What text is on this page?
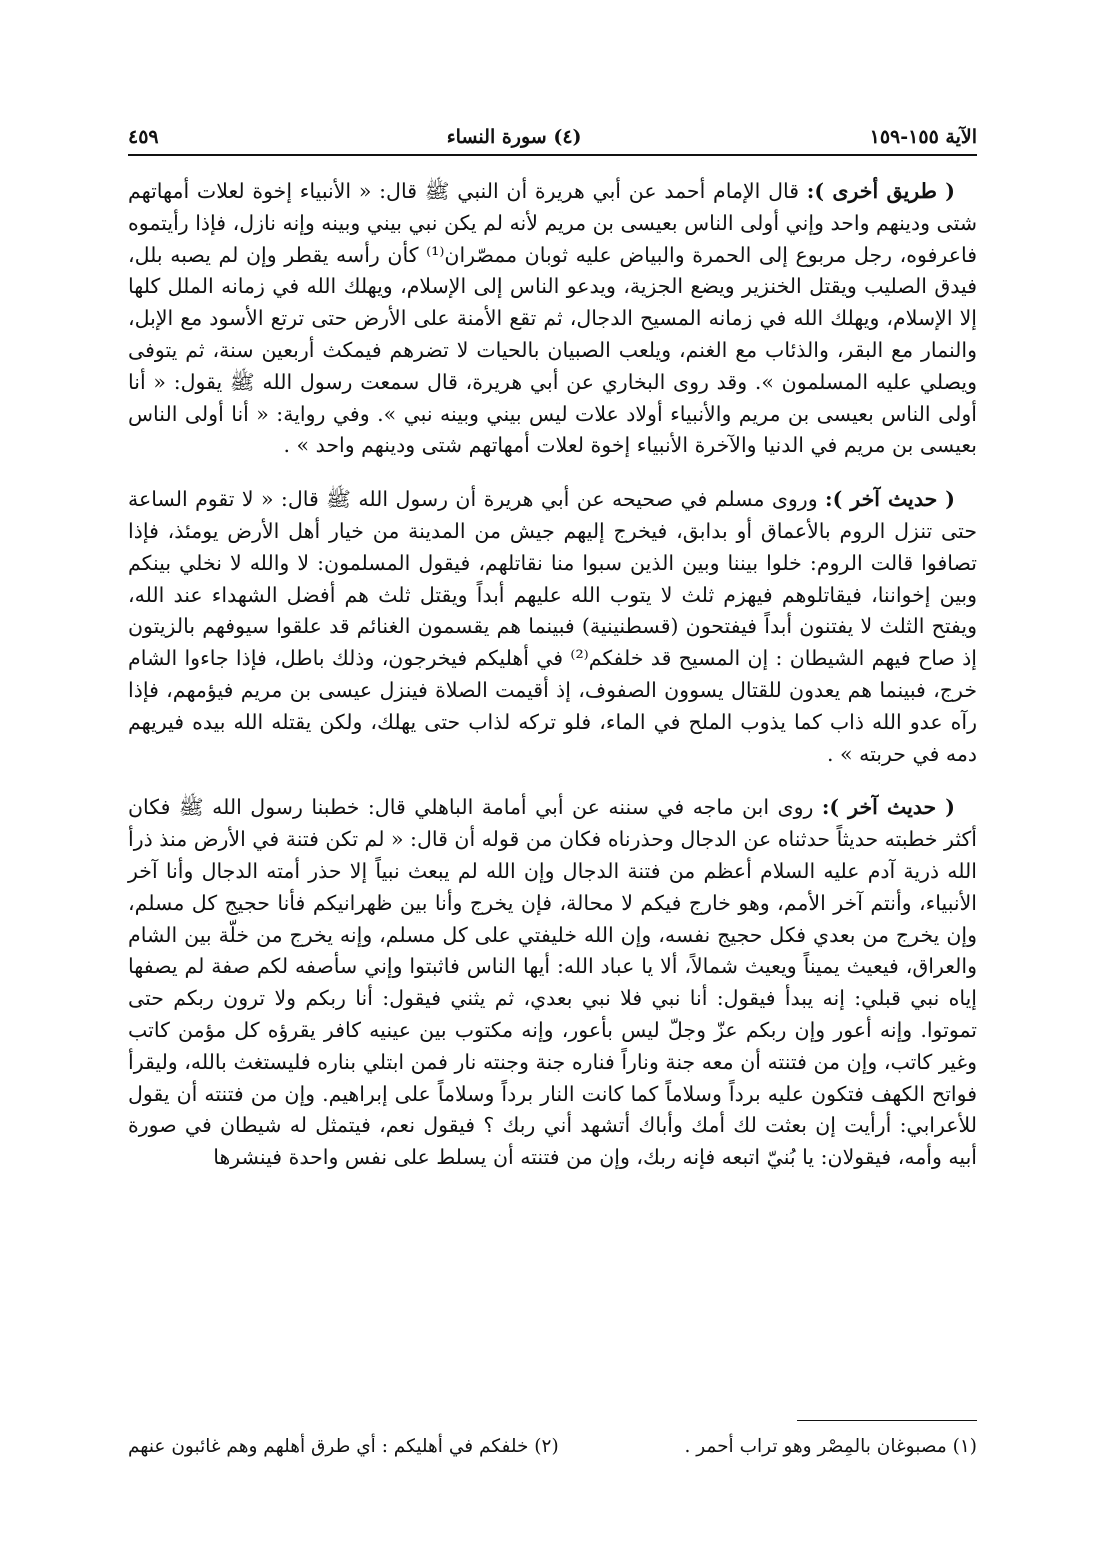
الآية ١٥٥-١٥٩
(٤) سورة النساء
٤٥٩

( طريق أخرى ): قال الإمام أحمد عن أبي هريرة أن النبي ﷺ قال: « الأنبياء إخوة لعلات أمهاتهم شتى ودينهم واحد وإني أولى الناس بعيسى بن مريم لأنه لم يكن نبي بيني وبينه وإنه نازل، فإذا رأيتموه فاعرفوه، رجل مربوع إلى الحمرة والبياض عليه ثوبان ممصّران⁽¹⁾ كأن رأسه يقطر وإن لم يصبه بلل، فيدق الصليب ويقتل الخنزير ويضع الجزية، ويدعو الناس إلى الإسلام، ويهلك الله في زمانه الملل كلها إلا الإسلام، ويهلك الله في زمانه المسيح الدجال، ثم تقع الأمنة على الأرض حتى ترتع الأسود مع الإبل، والنمار مع البقر، والذئاب مع الغنم، ويلعب الصبيان بالحيات لا تضرهم فيمكث أربعين سنة، ثم يتوفى ويصلي عليه المسلمون ». وقد روى البخاري عن أبي هريرة، قال سمعت رسول الله ﷺ يقول: « أنا أولى الناس بعيسى بن مريم والأنبياء أولاد علات ليس بيني وبينه نبي ». وفي رواية: « أنا أولى الناس بعيسى بن مريم في الدنيا والآخرة الأنبياء إخوة لعلات أمهاتهم شتى ودينهم واحد » .

( حديث آخر ): وروى مسلم في صحيحه عن أبي هريرة أن رسول الله ﷺ قال: « لا تقوم الساعة حتى تنزل الروم بالأعماق أو بدابق، فيخرج إليهم جيش من المدينة من خيار أهل الأرض يومئذ، فإذا تصافوا قالت الروم: خلوا بيننا وبين الذين سبوا منا نقاتلهم، فيقول المسلمون: لا والله لا نخلي بينكم وبين إخواننا، فيقاتلوهم فيهزم ثلث لا يتوب الله عليهم أبداً ويقتل ثلث هم أفضل الشهداء عند الله، ويفتح الثلث لا يفتنون أبداً فيفتحون (قسطنينية) فبينما هم يقسمون الغنائم قد علقوا سيوفهم بالزيتون إذ صاح فيهم الشيطان : إن المسيح قد خلفكم⁽²⁾ في أهليكم فيخرجون، وذلك باطل، فإذا جاءوا الشام خرج، فبينما هم يعدون للقتال يسوون الصفوف، إذ أقيمت الصلاة فينزل عيسى بن مريم فيؤمهم، فإذا رآه عدو الله ذاب كما يذوب الملح في الماء، فلو تركه لذاب حتى يهلك، ولكن يقتله الله بيده فيريهم دمه في حربته » .

( حديث آخر ): روى ابن ماجه في سننه عن أبي أمامة الباهلي قال: خطبنا رسول الله ﷺ فكان أكثر خطبته حديثاً حدثناه عن الدجال وحذرناه فكان من قوله أن قال: « لم تكن فتنة في الأرض منذ ذرأ الله ذرية آدم عليه السلام أعظم من فتنة الدجال وإن الله لم يبعث نبياً إلا حذر أمته الدجال وأنا آخر الأنبياء، وأنتم آخر الأمم، وهو خارج فيكم لا محالة، فإن يخرج وأنا بين ظهرانيكم فأنا حجيج كل مسلم، وإن يخرج من بعدي فكل حجيج نفسه، وإن الله خليفتي على كل مسلم، وإنه يخرج من خلّة بين الشام والعراق، فيعيث يميناً ويعيث شمالاً، ألا يا عباد الله: أيها الناس فاثبتوا وإني سأصفه لكم صفة لم يصفها إياه نبي قبلي: إنه يبدأ فيقول: أنا نبي فلا نبي بعدي، ثم يثني فيقول: أنا ربكم ولا ترون ربكم حتى تموتوا. وإنه أعور وإن ربكم عزّ وجلّ ليس بأعور، وإنه مكتوب بين عينيه كافر يقرؤه كل مؤمن كاتب وغير كاتب، وإن من فتنته أن معه جنة وناراً فناره جنة وجنته نار فمن ابتلي بناره فليستغث بالله، وليقرأ فواتح الكهف فتكون عليه برداً وسلاماً كما كانت النار برداً وسلاماً على إبراهيم. وإن من فتنته أن يقول للأعرابي: أرأيت إن بعثت لك أمك وأباك أتشهد أني ربك ؟ فيقول نعم، فيتمثل له شيطان في صورة أبيه وأمه، فيقولان: يا بُنيّ اتبعه فإنه ربك، وإن من فتنته أن يسلط على نفس واحدة فينشرها

(١) مصبوغان بالمِصْر وهو تراب أحمر .
(٢) خلفكم في أهليكم : أي طرق أهلهم وهم غائبون عنهم
